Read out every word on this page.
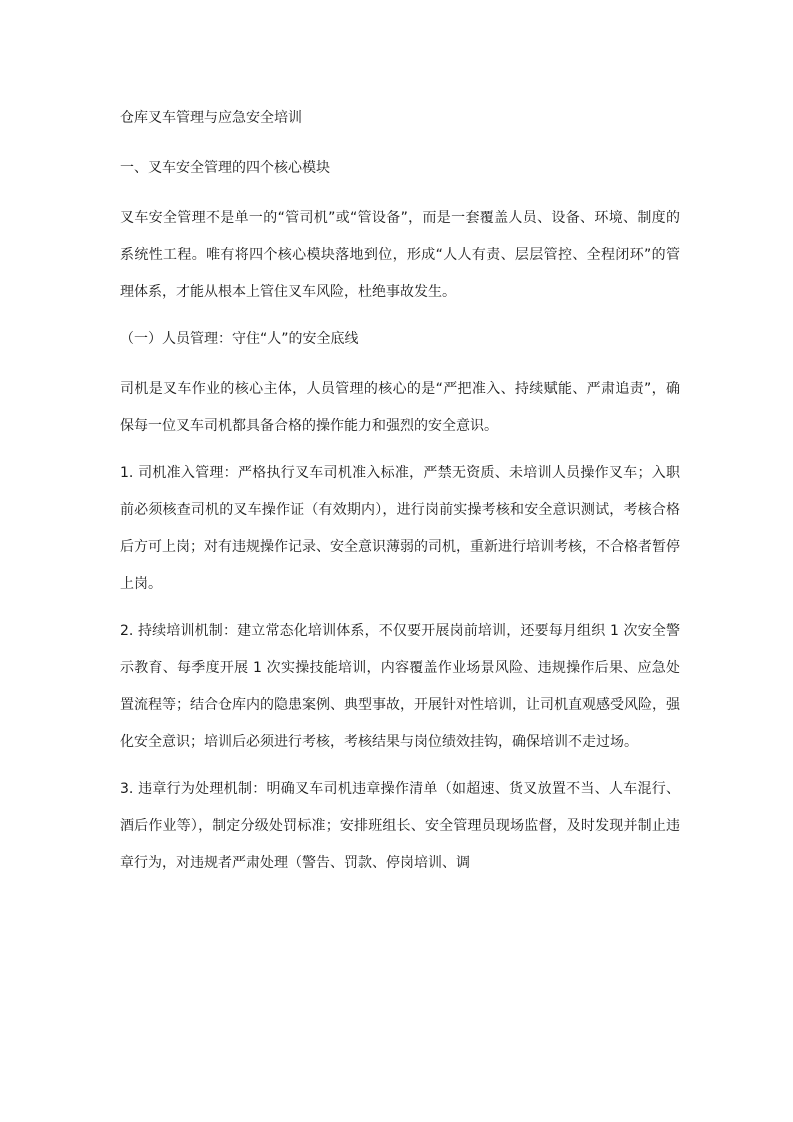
仓库叉车管理与应急安全培训

一、叉车安全管理的四个核心模块

叉车安全管理不是单一的“管司机”或“管设备”，而是一套覆盖人员、设备、环境、制度的系统性工程。唯有将四个核心模块落地到位，形成“人人有责、层层管控、全程闭环”的管理体系，才能从根本上管住叉车风险，杜绝事故发生。

（一）人员管理：守住“人”的安全底线

司机是叉车作业的核心主体，人员管理的核心的是“严把准入、持续赋能、严肃追责”，确保每一位叉车司机都具备合格的操作能力和强烈的安全意识。

1. 司机准入管理：严格执行叉车司机准入标准，严禁无资质、未培训人员操作叉车；入职前必须核查司机的叉车操作证（有效期内），进行岗前实操考核和安全意识测试，考核合格后方可上岗；对有违规操作记录、安全意识薄弱的司机，重新进行培训考核，不合格者暂停上岗。

2. 持续培训机制：建立常态化培训体系，不仅要开展岗前培训，还要每月组织 1 次安全警示教育、每季度开展 1 次实操技能培训，内容覆盖作业场景风险、违规操作后果、应急处置流程等；结合仓库内的隐患案例、典型事故，开展针对性培训，让司机直观感受风险，强化安全意识；培训后必须进行考核，考核结果与岗位绩效挂钩，确保培训不走过场。

3. 违章行为处理机制：明确叉车司机违章操作清单（如超速、货叉放置不当、人车混行、酒后作业等），制定分级处罚标准；安排班组长、安全管理员现场监督，及时发现并制止违章行为，对违规者严肃处理（警告、罚款、停岗培训、调
